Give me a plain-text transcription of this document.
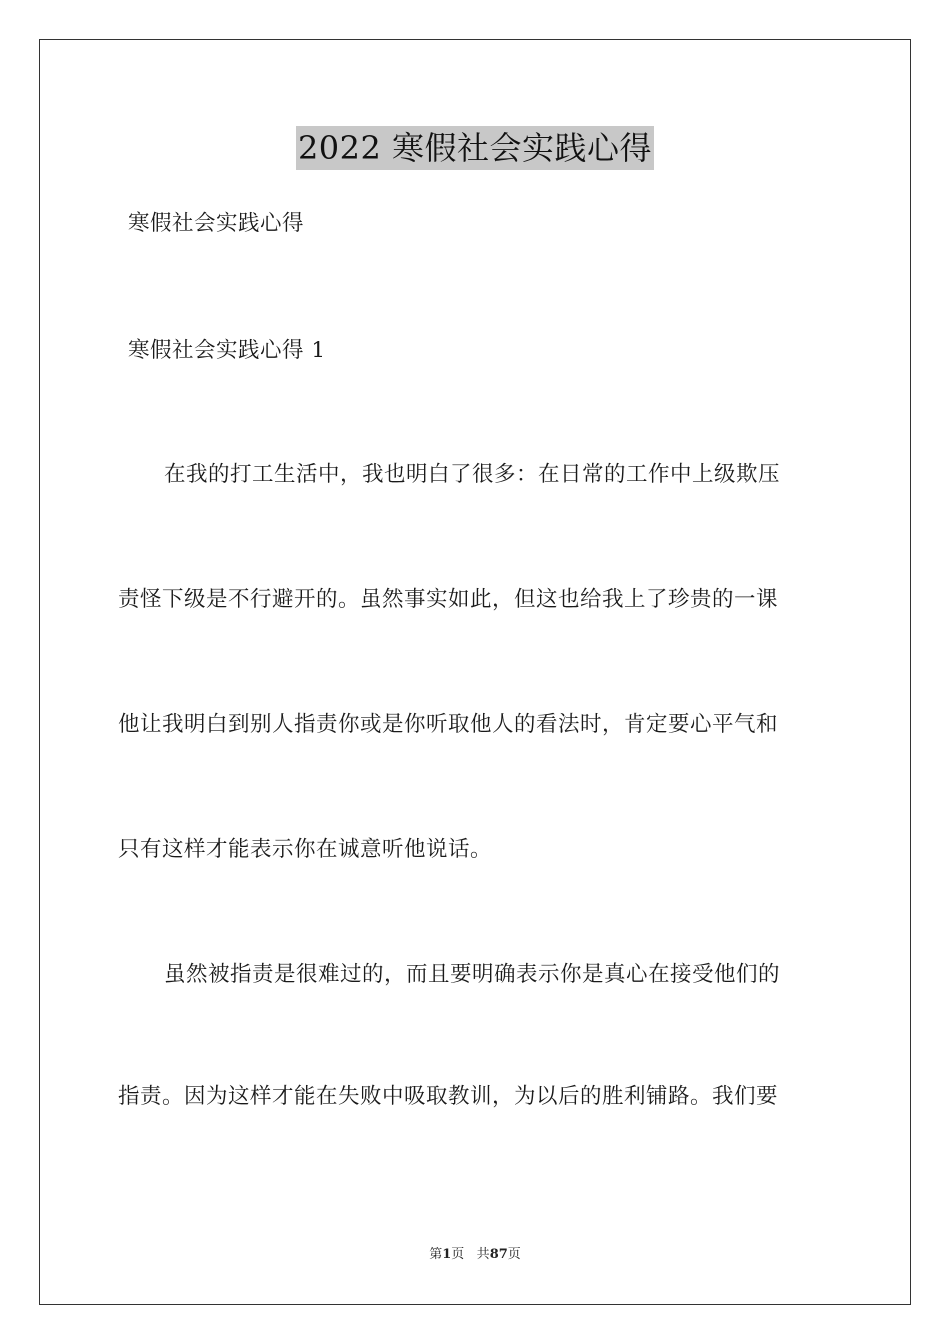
2022 寒假社会实践心得
寒假社会实践心得
寒假社会实践心得 1
在我的打工生活中，我也明白了很多：在日常的工作中上级欺压
责怪下级是不行避开的。虽然事实如此，但这也给我上了珍贵的一课
他让我明白到别人指责你或是你听取他人的看法时，肯定要心平气和
只有这样才能表示你在诚意听他说话。
虽然被指责是很难过的，而且要明确表示你是真心在接受他们的
指责。因为这样才能在失败中吸取教训，为以后的胜利铺路。我们要
第1页 共87页
